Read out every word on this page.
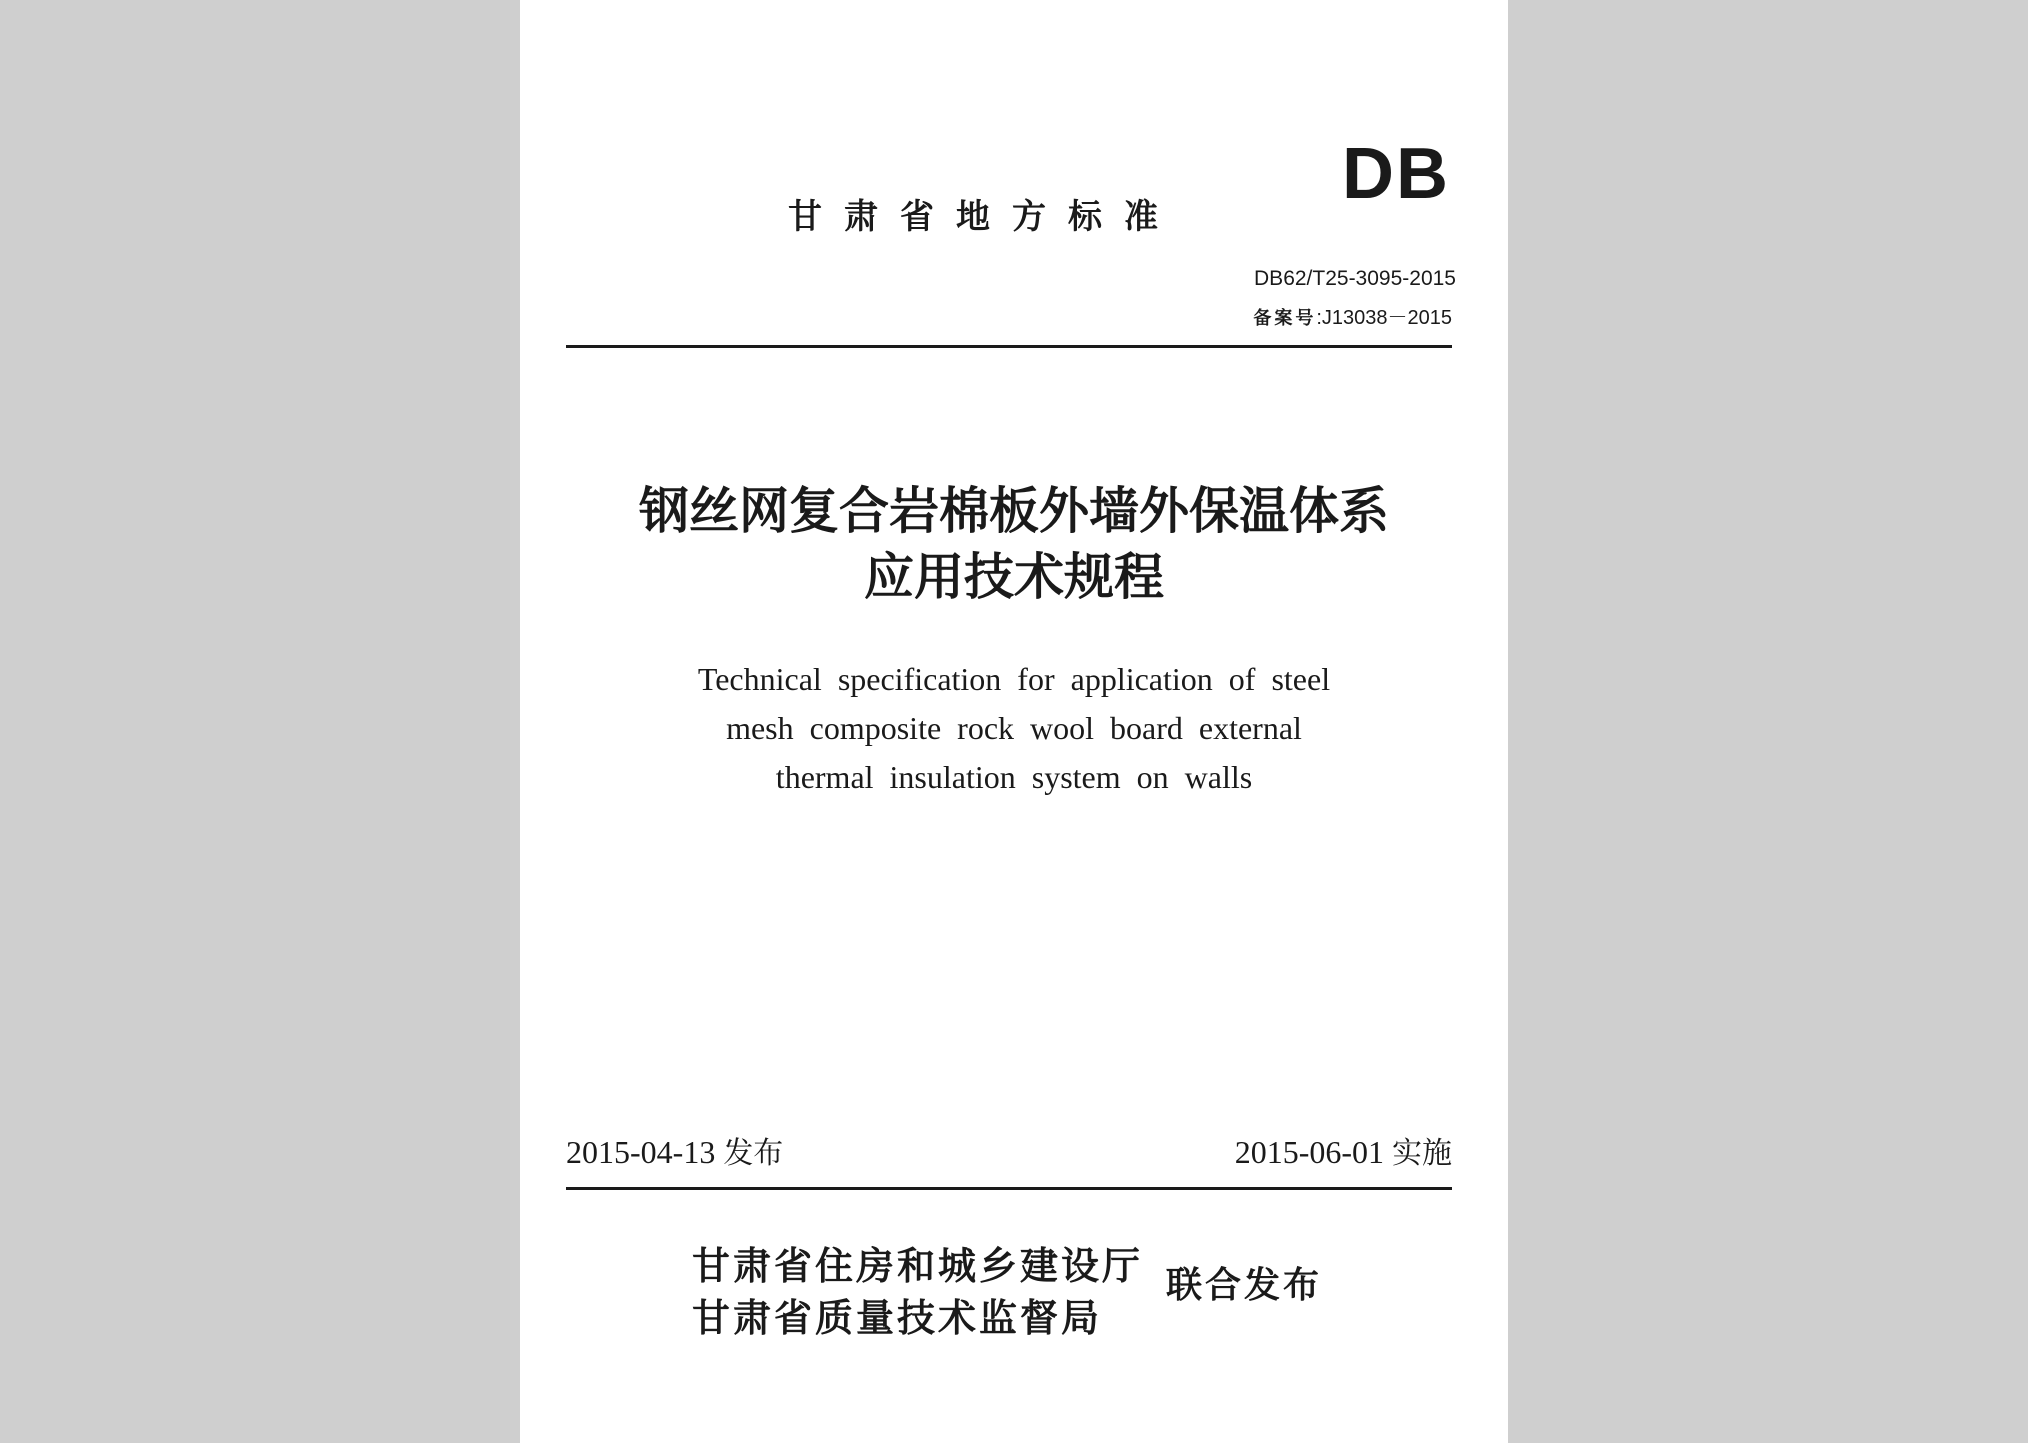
DB
甘肃省地方标准
DB62/T25-3095-2015
备案号:J13038－2015
钢丝网复合岩棉板外墙外保温体系
应用技术规程
Technical specification for application of steel
mesh composite rock wool board external
thermal insulation system on walls
2015-04-13 发布	2015-06-01 实施
甘肃省住房和城乡建设厅
甘肃省质量技术监督局
联合发布
